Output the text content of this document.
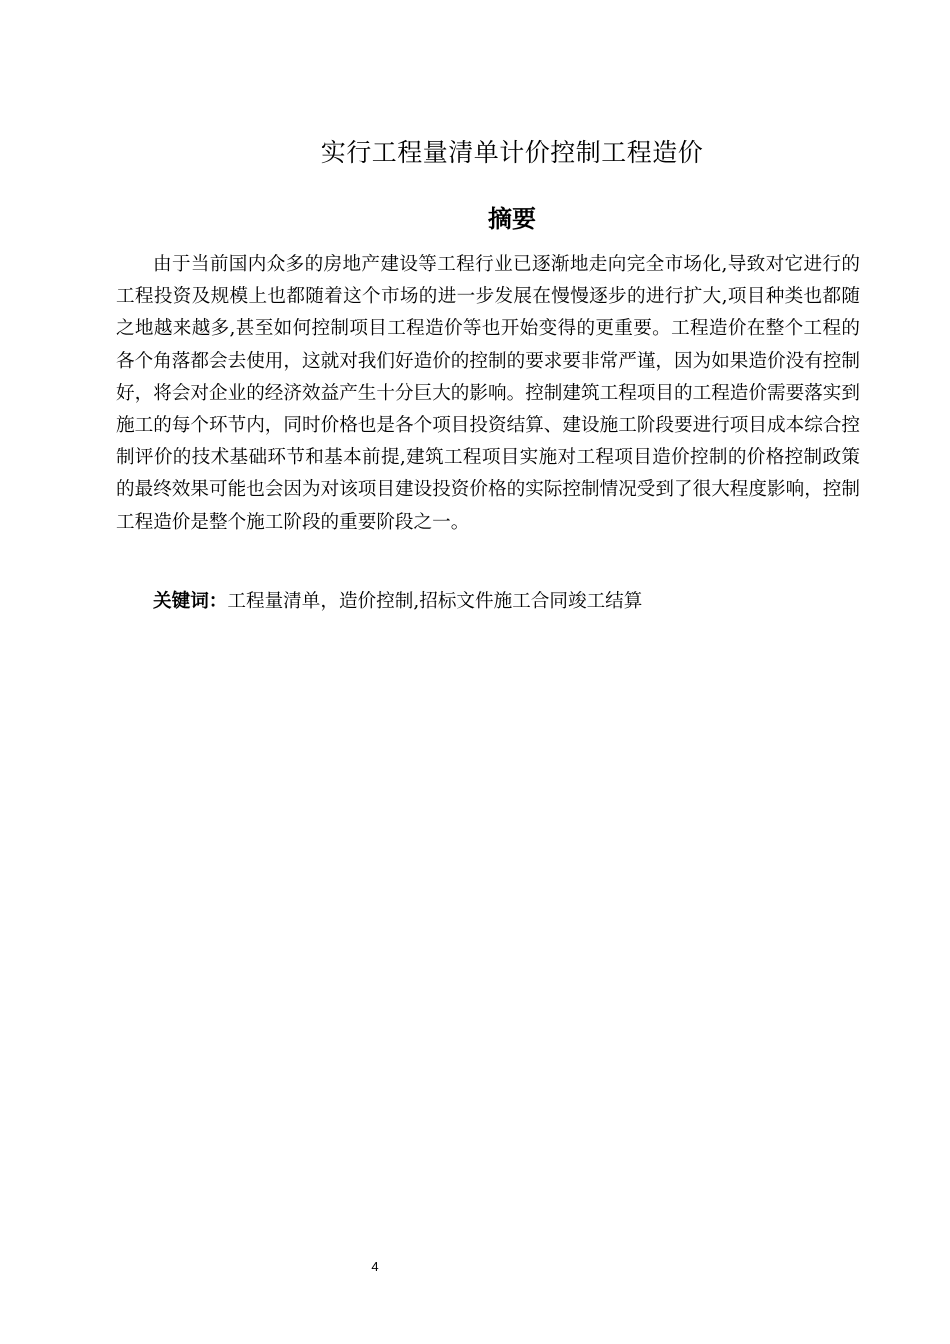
实行工程量清单计价控制工程造价
摘要

由于当前国内众多的房地产建设等工程行业已逐渐地走向完全市场化,导致对它进行的工程投资及规模上也都随着这个市场的进一步发展在慢慢逐步的进行扩大,项目种类也都随之地越来越多,甚至如何控制项目工程造价等也开始变得的更重要。工程造价在整个工程的各个角落都会去使用，这就对我们好造价的控制的要求要非常严谨，因为如果造价没有控制好，将会对企业的经济效益产生十分巨大的影响。控制建筑工程项目的工程造价需要落实到施工的每个环节内，同时价格也是各个项目投资结算、建设施工阶段要进行项目成本综合控制评价的技术基础环节和基本前提,建筑工程项目实施对工程项目造价控制的价格控制政策的最终效果可能也会因为对该项目建设投资价格的实际控制情况受到了很大程度影响，控制工程造价是整个施工阶段的重要阶段之一。

关键词：工程量清单，造价控制,招标文件施工合同竣工结算

4
